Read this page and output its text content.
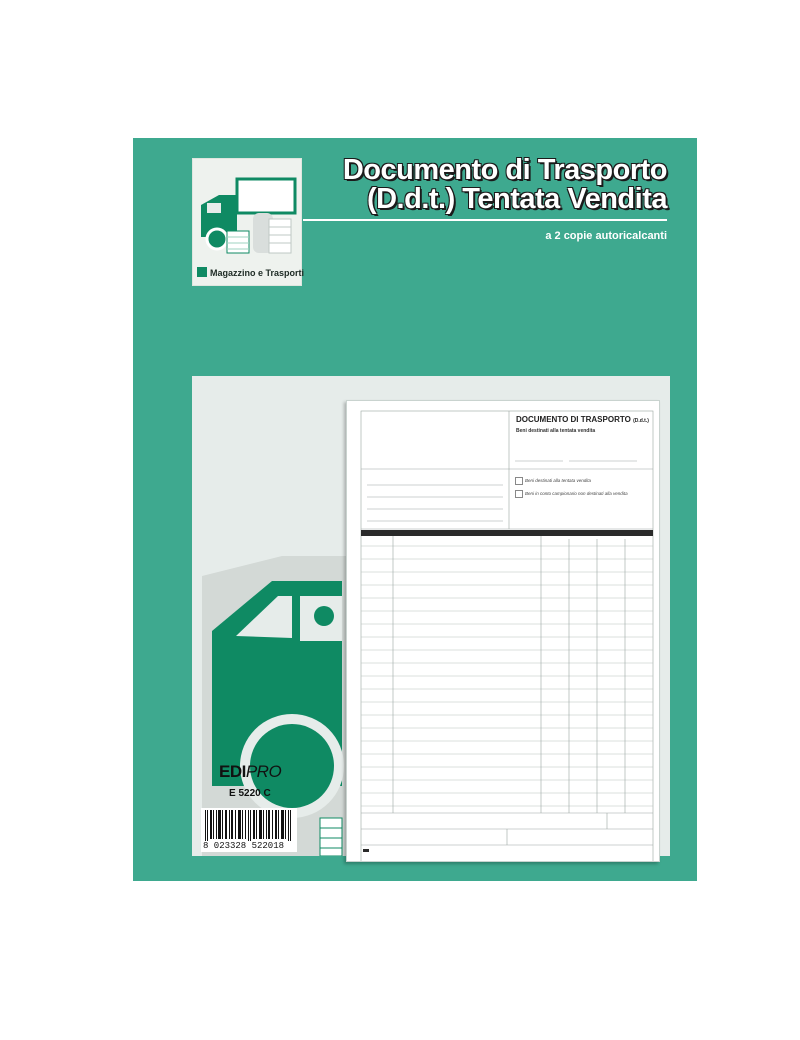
Magazzino e Trasporti
Documento di Trasporto
(D.d.t.) Tentata Vendita
a 2 copie autoricalcanti
EDIPRO
E 5220 C
8 023328 522018
DOCUMENTO DI TRASPORTO (D.d.t.)
Beni destinati alla tentata vendita
Beni destinati alla tentata vendita
Beni in conto campionario non destinati alla vendita
